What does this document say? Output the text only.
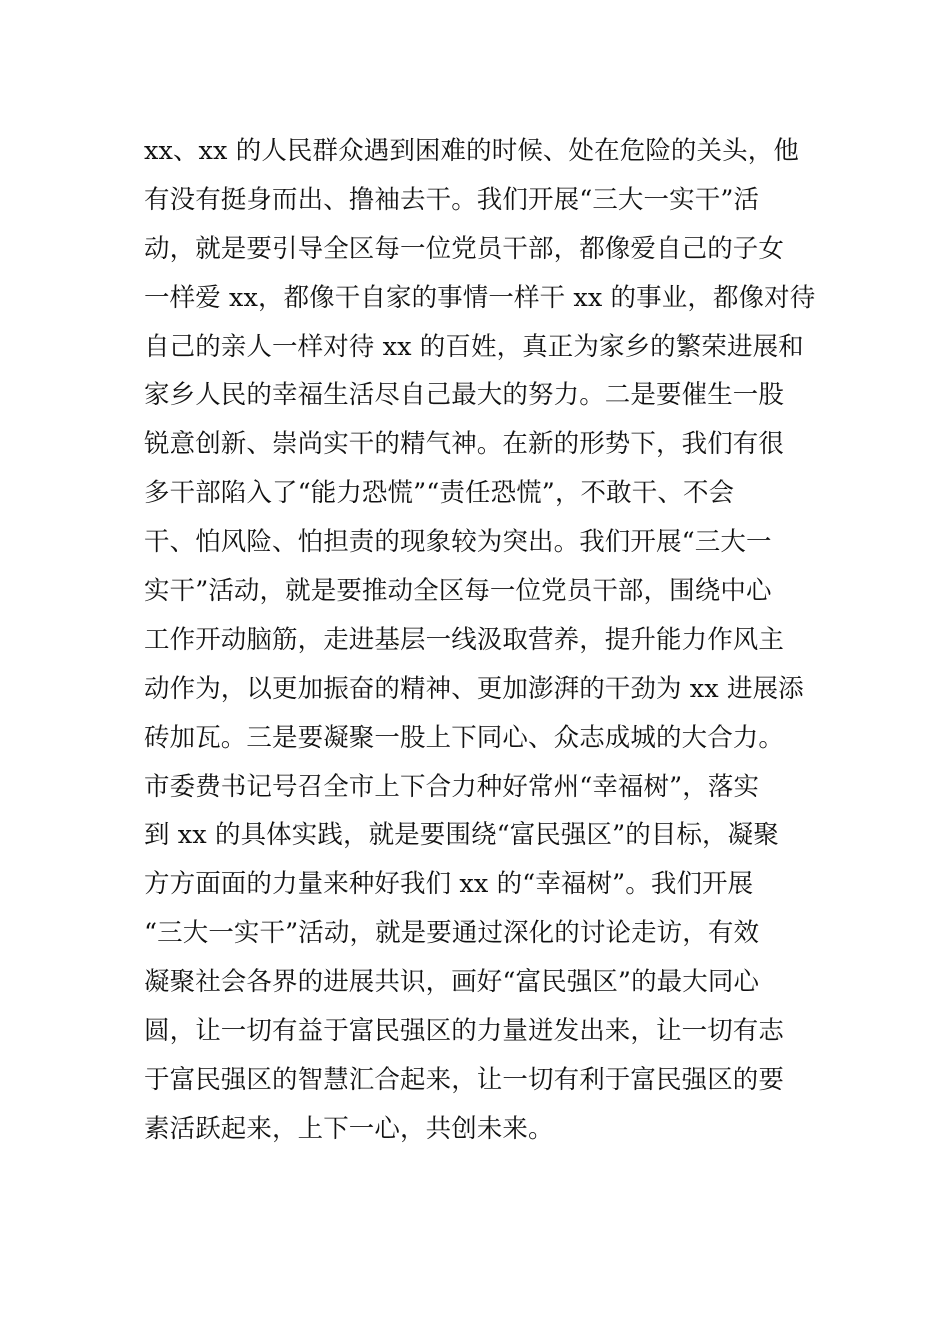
xx、xx 的人民群众遇到困难的时候、处在危险的关头，他
有没有挺身而出、撸袖去干。我们开展“三大一实干”活
动，就是要引导全区每一位党员干部，都像爱自己的子女
一样爱 xx，都像干自家的事情一样干 xx 的事业，都像对待
自己的亲人一样对待 xx 的百姓，真正为家乡的繁荣进展和
家乡人民的幸福生活尽自己最大的努力。二是要催生一股
锐意创新、崇尚实干的精气神。在新的形势下，我们有很
多干部陷入了“能力恐慌”“责任恐慌”，不敢干、不会
干、怕风险、怕担责的现象较为突出。我们开展“三大一
实干”活动，就是要推动全区每一位党员干部，围绕中心
工作开动脑筋，走进基层一线汲取营养，提升能力作风主
动作为，以更加振奋的精神、更加澎湃的干劲为 xx 进展添
砖加瓦。三是要凝聚一股上下同心、众志成城的大合力。
市委费书记号召全市上下合力种好常州“幸福树”，落实
到 xx 的具体实践，就是要围绕“富民强区”的目标，凝聚
方方面面的力量来种好我们 xx 的“幸福树”。我们开展
“三大一实干”活动，就是要通过深化的讨论走访，有效
凝聚社会各界的进展共识，画好“富民强区”的最大同心
圆，让一切有益于富民强区的力量迸发出来，让一切有志
于富民强区的智慧汇合起来，让一切有利于富民强区的要
素活跃起来，上下一心，共创未来。
